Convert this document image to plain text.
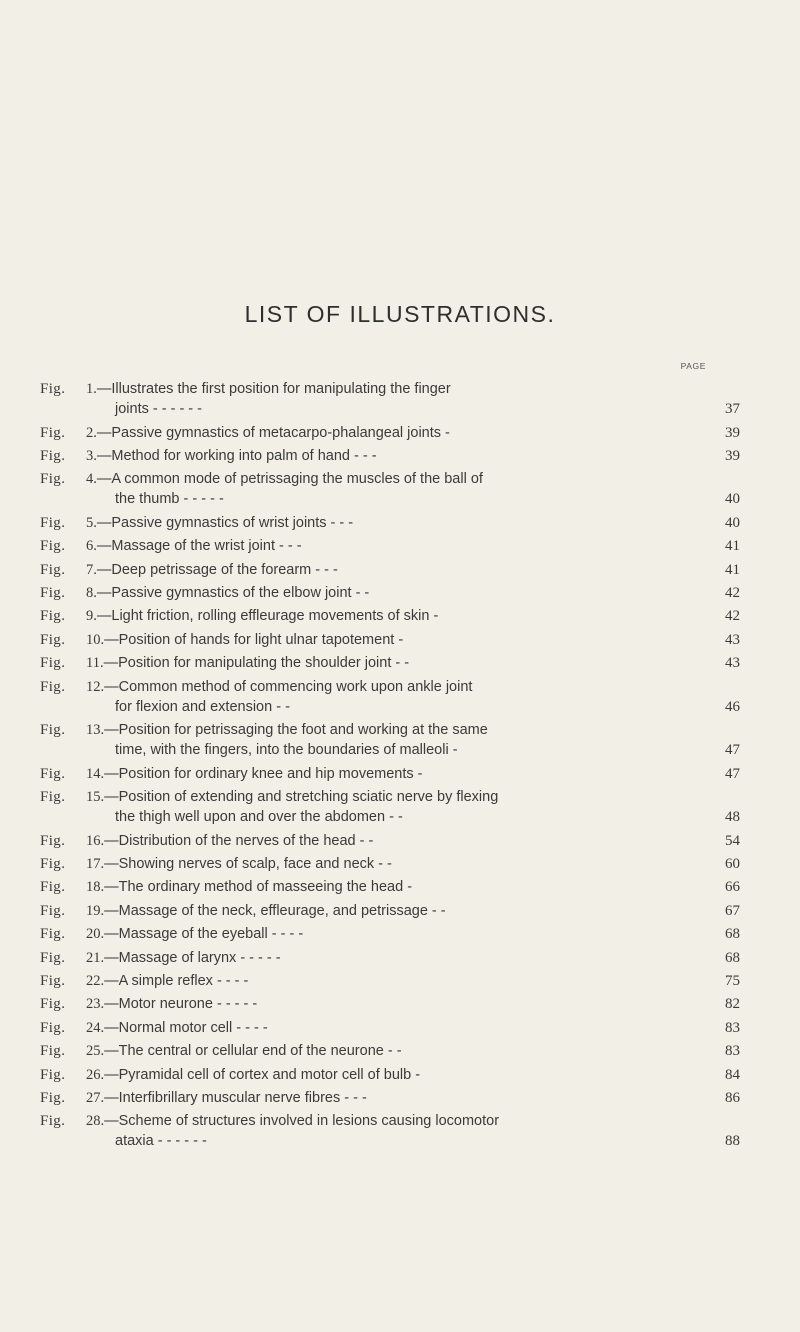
LIST OF ILLUSTRATIONS.
PAGE
Fig.	1.—Illustrates the first position for manipulating the finger
joints - - - - - -	37
Fig.	2.—Passive gymnastics of metacarpo-phalangeal joints -	39
Fig.	3.—Method for working into palm of hand - - -	39
Fig.	4.—A common mode of petrissaging the muscles of the ball of
the thumb - - - - -	40
Fig.	5.—Passive gymnastics of wrist joints - - -	40
Fig.	6.—Massage of the wrist joint - - -	41
Fig.	7.—Deep petrissage of the forearm - - -	41
Fig.	8.—Passive gymnastics of the elbow joint - -	42
Fig.	9.—Light friction, rolling effleurage movements of skin -	42
Fig.	10.—Position of hands for light ulnar tapotement -	43
Fig.	11.—Position for manipulating the shoulder joint - -	43
Fig.	12.—Common method of commencing work upon ankle joint
for flexion and extension - -	46
Fig.	13.—Position for petrissaging the foot and working at the same
time, with the fingers, into the boundaries of malleoli -	47
Fig.	14.—Position for ordinary knee and hip movements -	47
Fig.	15.—Position of extending and stretching sciatic nerve by flexing
the thigh well upon and over the abdomen - -	48
Fig.	16.—Distribution of the nerves of the head - -	54
Fig.	17.—Showing nerves of scalp, face and neck - -	60
Fig.	18.—The ordinary method of masseeing the head -	66
Fig.	19.—Massage of the neck, effleurage, and petrissage - -	67
Fig.	20.—Massage of the eyeball - - - -	68
Fig.	21.—Massage of larynx - - - - -	68
Fig.	22.—A simple reflex - - - -	75
Fig.	23.—Motor neurone - - - - -	82
Fig.	24.—Normal motor cell - - - -	83
Fig.	25.—The central or cellular end of the neurone - -	83
Fig.	26.—Pyramidal cell of cortex and motor cell of bulb -	84
Fig.	27.—Interfibrillary muscular nerve fibres - - -	86
Fig.	28.—Scheme of structures involved in lesions causing locomotor
ataxia - - - - - -	88
